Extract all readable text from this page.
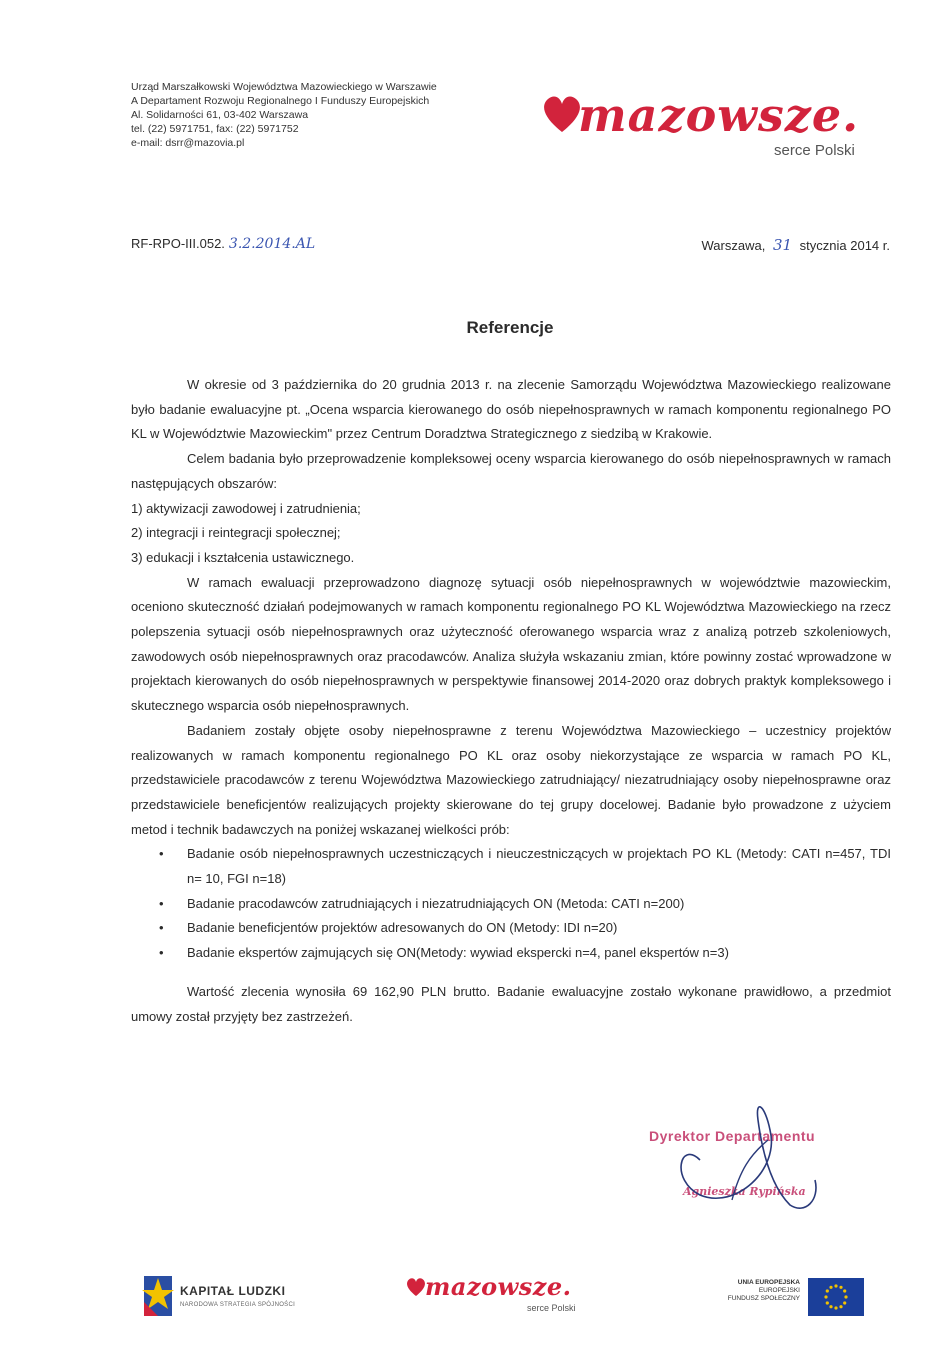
Urząd Marszałkowski Województwa Mazowieckiego w Warszawie
A Departament Rozwoju Regionalnego I Funduszy Europejskich
Al. Solidarności 61, 03-402 Warszawa
tel. (22) 5971751, fax: (22) 5971752
e-mail: dsrr@mazovia.pl
mazowsze.
serce Polski
RF-RPO-III.052. 3.2.2014.AL	Warszawa, 31 stycznia 2014 r.
Referencje

W okresie od 3 października do 20 grudnia 2013 r. na zlecenie Samorządu Województwa Mazowieckiego realizowane było badanie ewaluacyjne pt. „Ocena wsparcia kierowanego do osób niepełnosprawnych w ramach komponentu regionalnego PO KL w Województwie Mazowieckim" przez Centrum Doradztwa Strategicznego z siedzibą w Krakowie.

Celem badania było przeprowadzenie kompleksowej oceny wsparcia kierowanego do osób niepełnosprawnych w ramach następujących obszarów:

1) aktywizacji zawodowej i zatrudnienia;

2) integracji i reintegracji społecznej;

3) edukacji i kształcenia ustawicznego.

W ramach ewaluacji przeprowadzono diagnozę sytuacji osób niepełnosprawnych w województwie mazowieckim, oceniono skuteczność działań podejmowanych w ramach komponentu regionalnego PO KL Województwa Mazowieckiego na rzecz polepszenia sytuacji osób niepełnosprawnych oraz użyteczność oferowanego wsparcia wraz z analizą potrzeb szkoleniowych, zawodowych osób niepełnosprawnych oraz pracodawców. Analiza służyła wskazaniu zmian, które powinny zostać wprowadzone w projektach kierowanych do osób niepełnosprawnych w perspektywie finansowej 2014-2020 oraz dobrych praktyk kompleksowego i skutecznego wsparcia osób niepełnosprawnych.

Badaniem zostały objęte osoby niepełnosprawne z terenu Województwa Mazowieckiego – uczestnicy projektów realizowanych w ramach komponentu regionalnego PO KL oraz osoby niekorzystające ze wsparcia w ramach PO KL, przedstawiciele pracodawców z terenu Województwa Mazowieckiego zatrudniający/ niezatrudniający osoby niepełnosprawne oraz przedstawiciele beneficjentów realizujących projekty skierowane do tej grupy docelowej. Badanie było prowadzone z użyciem metod i technik badawczych na poniżej wskazanej wielkości prób:

• Badanie osób niepełnosprawnych uczestniczących i nieuczestniczących w projektach PO KL (Metody: CATI n=457, TDI n= 10, FGI n=18)
• Badanie pracodawców zatrudniających i niezatrudniających ON (Metoda: CATI n=200)
• Badanie beneficjentów projektów adresowanych do ON (Metody: IDI n=20)
• Badanie ekspertów zajmujących się ON(Metody: wywiad ekspercki n=4, panel ekspertów n=3)

Wartość zlecenia wynosiła 69 162,90 PLN brutto. Badanie ewaluacyjne zostało wykonane prawidłowo, a przedmiot umowy został przyjęty bez zastrzeżeń.

Dyrektor Departamentu
Agnieszka Rypińska
KAPITAŁ LUDZKI
NARODOWA STRATEGIA SPÓJNOŚCI
mazowsze.
serce Polski
UNIA EUROPEJSKA
EUROPEJSKI
FUNDUSZ SPOŁECZNY
